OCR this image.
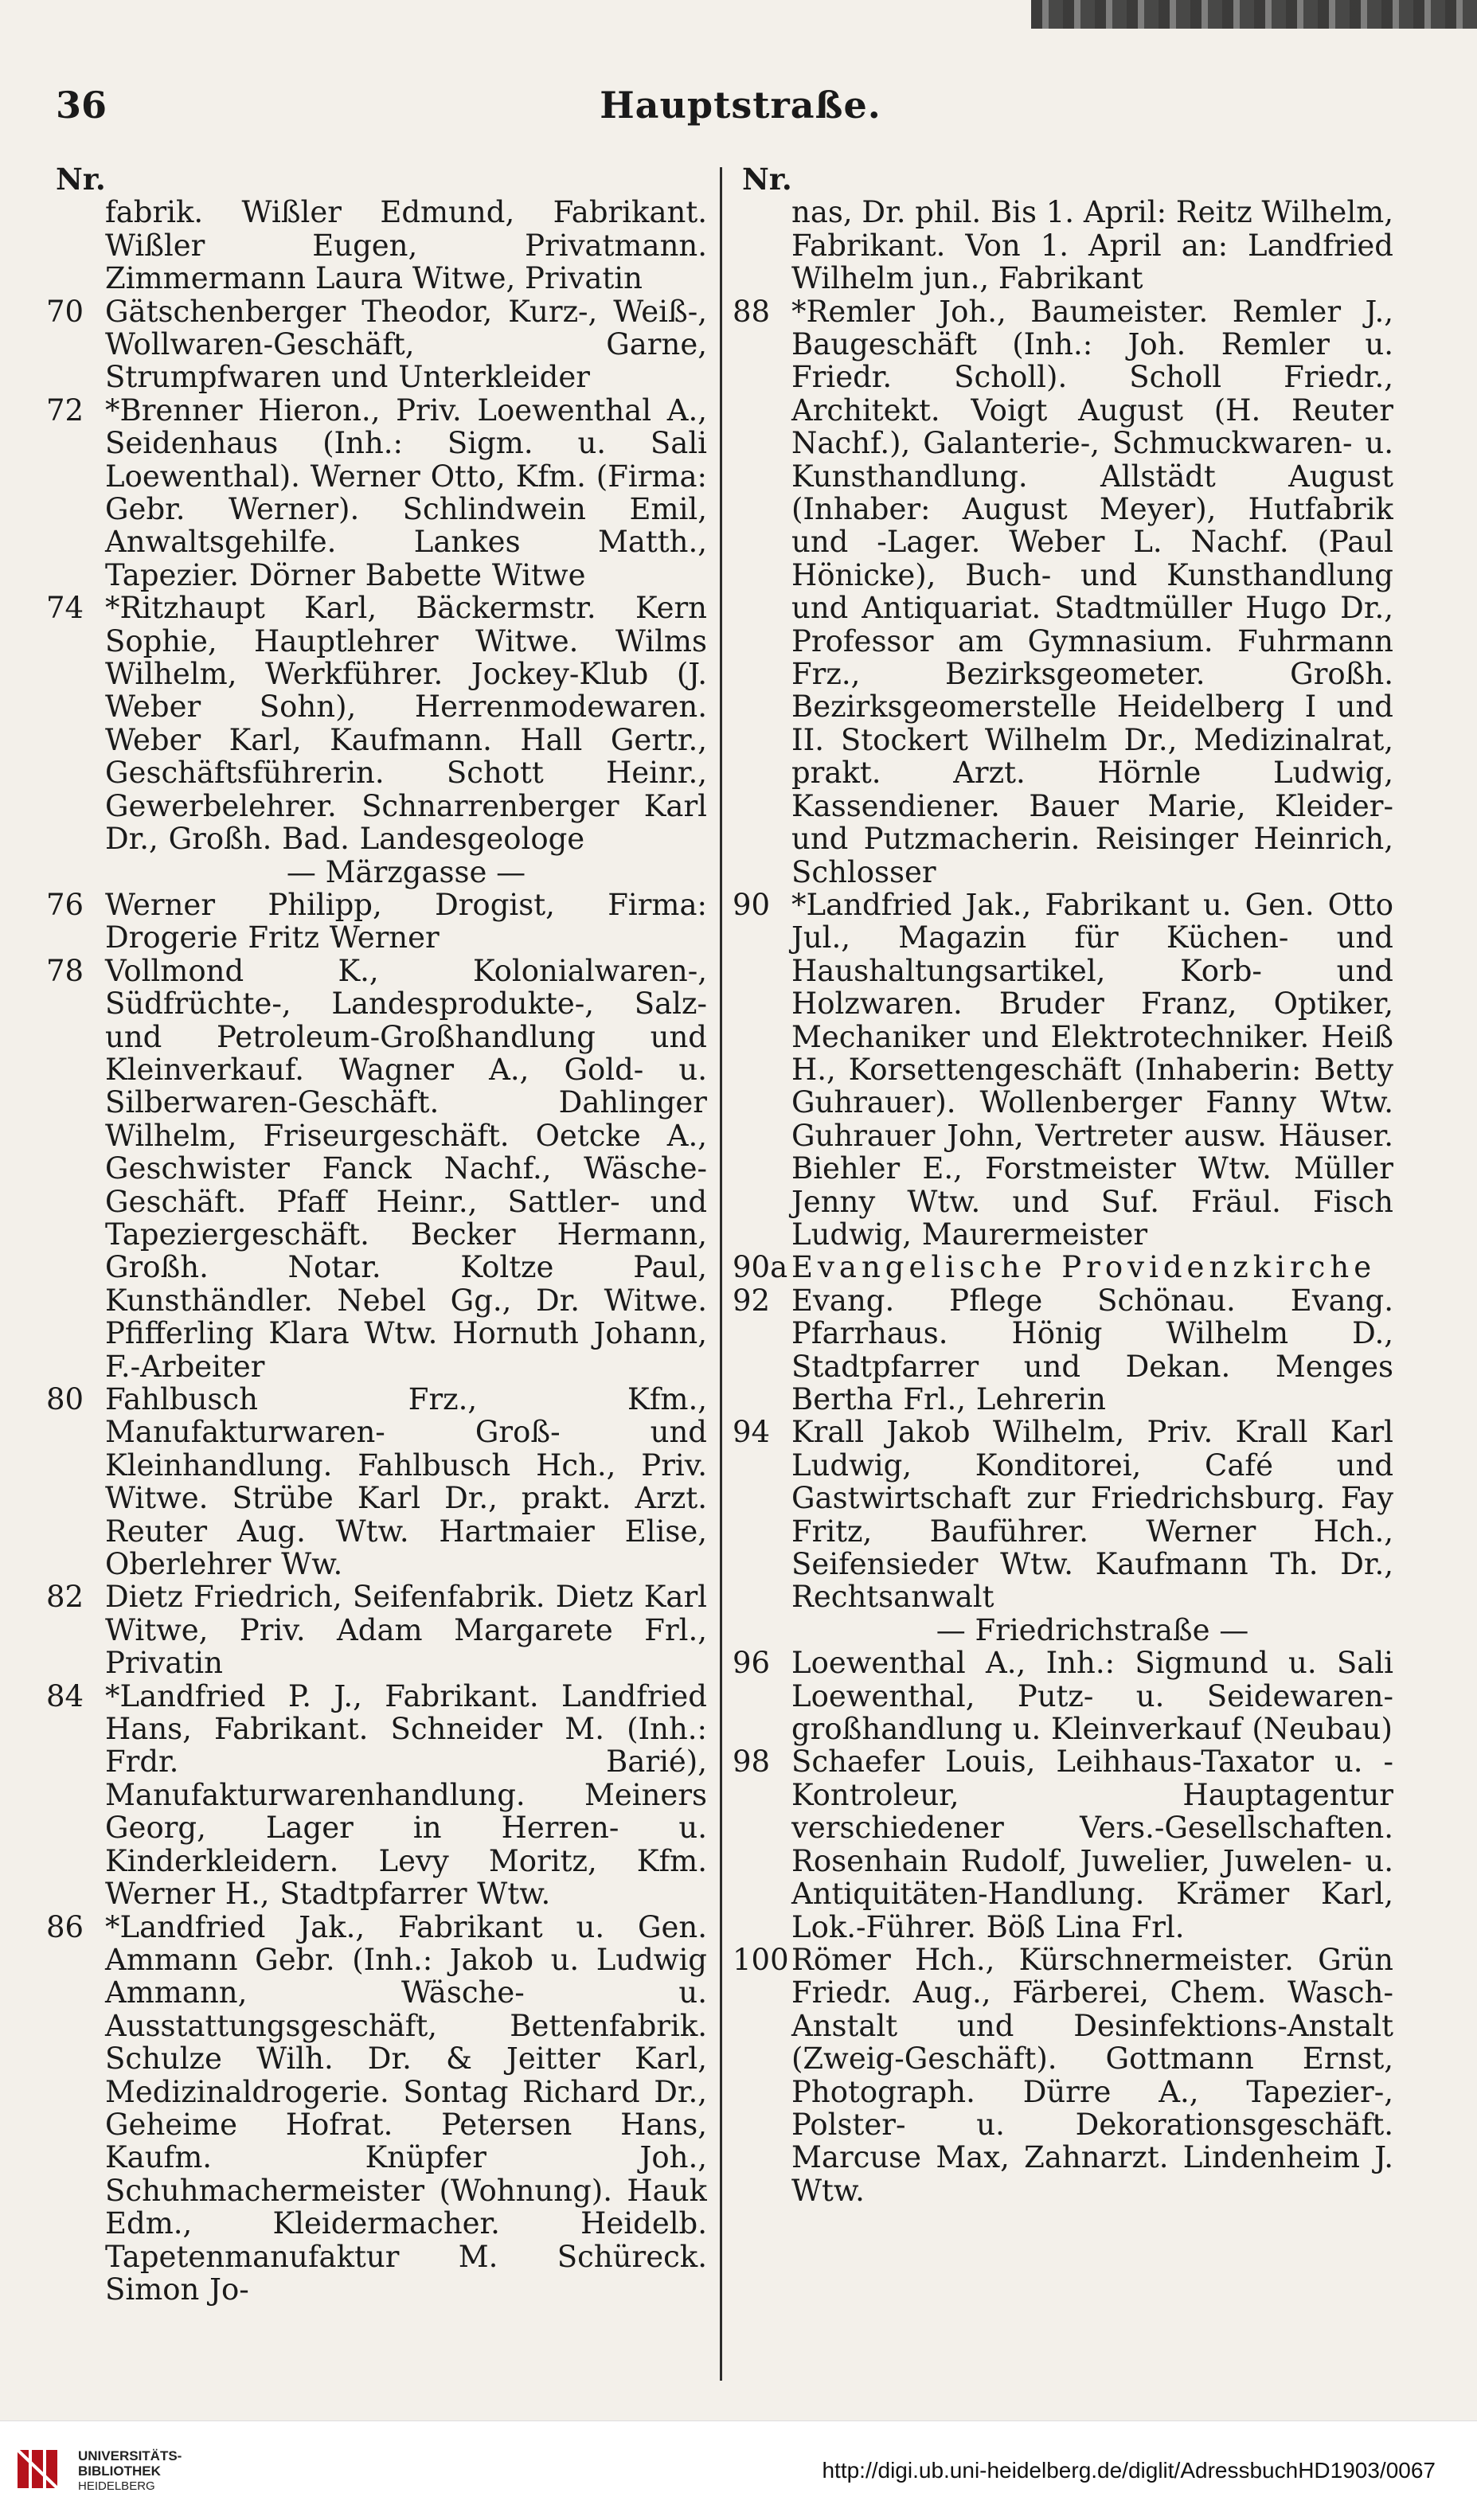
36	Hauptstraße.
Nr.
fabrik. Wißler Edmund, Fabrikant. Wißler Eugen, Privatmann. Zimmermann Laura Witwe, Privatin
70 Gätschenberger Theodor, Kurz-, Weiß-, Wollwaren-Geschäft, Garne, Strumpfwaren und Unterkleider
72 *Brenner Hieron., Priv. Loewenthal A., Seidenhaus (Inh.: Sigm. u. Sali Loewenthal). Werner Otto, Kfm. (Firma: Gebr. Werner). Schlindwein Emil, Anwaltsgehilfe. Lankes Matth., Tapezier. Dörner Babette Witwe
74 *Ritzhaupt Karl, Bäckermstr. Kern Sophie, Hauptlehrer Witwe. Wilms Wilhelm, Werkführer. Jockey-Klub (J. Weber Sohn), Herrenmodewaren. Weber Karl, Kaufmann. Hall Gertr., Geschäftsführerin. Schott Heinr., Gewerbelehrer. Schnarrenberger Karl Dr., Großh. Bad. Landesgeologe
— Märzgasse —
76 Werner Philipp, Drogist, Firma: Drogerie Fritz Werner
78 Vollmond K., Kolonialwaren-, Südfrüchte-, Landesprodukte-, Salz- und Petroleum-Großhandlung und Kleinverkauf. Wagner A., Gold- u. Silberwaren-Geschäft. Dahlinger Wilhelm, Friseurgeschäft. Oetcke A., Geschwister Fanck Nachf., Wäsche-Geschäft. Pfaff Heinr., Sattler- und Tapeziergeschäft. Becker Hermann, Großh. Notar. Koltze Paul, Kunsthändler. Nebel Gg., Dr. Witwe. Pfifferling Klara Wtw. Hornuth Johann, F.-Arbeiter
80 Fahlbusch Frz., Kfm., Manufakturwaren- Groß- und Kleinhandlung. Fahlbusch Hch., Priv. Witwe. Strübe Karl Dr., prakt. Arzt. Reuter Aug. Wtw. Hartmaier Elise, Oberlehrer Ww.
82 Dietz Friedrich, Seifenfabrik. Dietz Karl Witwe, Priv. Adam Margarete Frl., Privatin
84 *Landfried P. J., Fabrikant. Landfried Hans, Fabrikant. Schneider M. (Inh.: Frdr. Barié), Manufakturwarenhandlung. Meiners Georg, Lager in Herren- u. Kinderkleidern. Levy Moritz, Kfm. Werner H., Stadtpfarrer Wtw.
86 *Landfried Jak., Fabrikant u. Gen. Ammann Gebr. (Inh.: Jakob u. Ludwig Ammann, Wäsche- u. Ausstattungsgeschäft, Bettenfabrik. Schulze Wilh. Dr. & Jeitter Karl, Medizinaldrogerie. Sontag Richard Dr., Geheime Hofrat. Petersen Hans, Kaufm. Knüpfer Joh., Schuhmachermeister (Wohnung). Hauk Edm., Kleidermacher. Heidelb. Tapetenmanufaktur M. Schüreck. Simon Jo-
Nr.
nas, Dr. phil. Bis 1. April: Reitz Wilhelm, Fabrikant. Von 1. April an: Landfried Wilhelm jun., Fabrikant
88 *Remler Joh., Baumeister. Remler J., Baugeschäft (Inh.: Joh. Remler u. Friedr. Scholl). Scholl Friedr., Architekt. Voigt August (H. Reuter Nachf.), Galanterie-, Schmuckwaren- u. Kunsthandlung. Allstädt August (Inhaber: August Meyer), Hutfabrik und -Lager. Weber L. Nachf. (Paul Hönicke), Buch- und Kunsthandlung und Antiquariat. Stadtmüller Hugo Dr., Professor am Gymnasium. Fuhrmann Frz., Bezirksgeometer. Großh. Bezirksgeomerstelle Heidelberg I und II. Stockert Wilhelm Dr., Medizinalrat, prakt. Arzt. Hörnle Ludwig, Kassendiener. Bauer Marie, Kleider- und Putzmacherin. Reisinger Heinrich, Schlosser
90 *Landfried Jak., Fabrikant u. Gen. Otto Jul., Magazin für Küchen- und Haushaltungsartikel, Korb- und Holzwaren. Bruder Franz, Optiker, Mechaniker und Elektrotechniker. Heiß H., Korsettengeschäft (Inhaberin: Betty Guhrauer). Wollenberger Fanny Wtw. Guhrauer John, Vertreter ausw. Häuser. Biehler E., Forstmeister Wtw. Müller Jenny Wtw. und Suf. Fräul. Fisch Ludwig, Maurermeister
90a Evangelische Providenzkirche
92 Evang. Pflege Schönau. Evang. Pfarrhaus. Hönig Wilhelm D., Stadtpfarrer und Dekan. Menges Bertha Frl., Lehrerin
94 Krall Jakob Wilhelm, Priv. Krall Karl Ludwig, Konditorei, Café und Gastwirtschaft zur Friedrichsburg. Fay Fritz, Bauführer. Werner Hch., Seifensieder Wtw. Kaufmann Th. Dr., Rechtsanwalt
— Friedrichstraße —
96 Loewenthal A., Inh.: Sigmund u. Sali Loewenthal, Putz- u. Seidewaren-großhandlung u. Kleinverkauf (Neubau)
98 Schaefer Louis, Leihhaus-Taxator u. -Kontroleur, Hauptagentur verschiedener Vers.-Gesellschaften. Rosenhain Rudolf, Juwelier, Juwelen- u. Antiquitäten-Handlung. Krämer Karl, Lok.-Führer. Böß Lina Frl.
100 Römer Hch., Kürschnermeister. Grün Friedr. Aug., Färberei, Chem. Wasch-Anstalt und Desinfektions-Anstalt (Zweig-Geschäft). Gottmann Ernst, Photograph. Dürre A., Tapezier-, Polster- u. Dekorationsgeschäft. Marcuse Max, Zahnarzt. Lindenheim J. Wtw.
UNIVERSITÄTS-
BIBLIOTHEK
HEIDELBERG
http://digi.ub.uni-heidelberg.de/diglit/AdressbuchHD1903/0067
